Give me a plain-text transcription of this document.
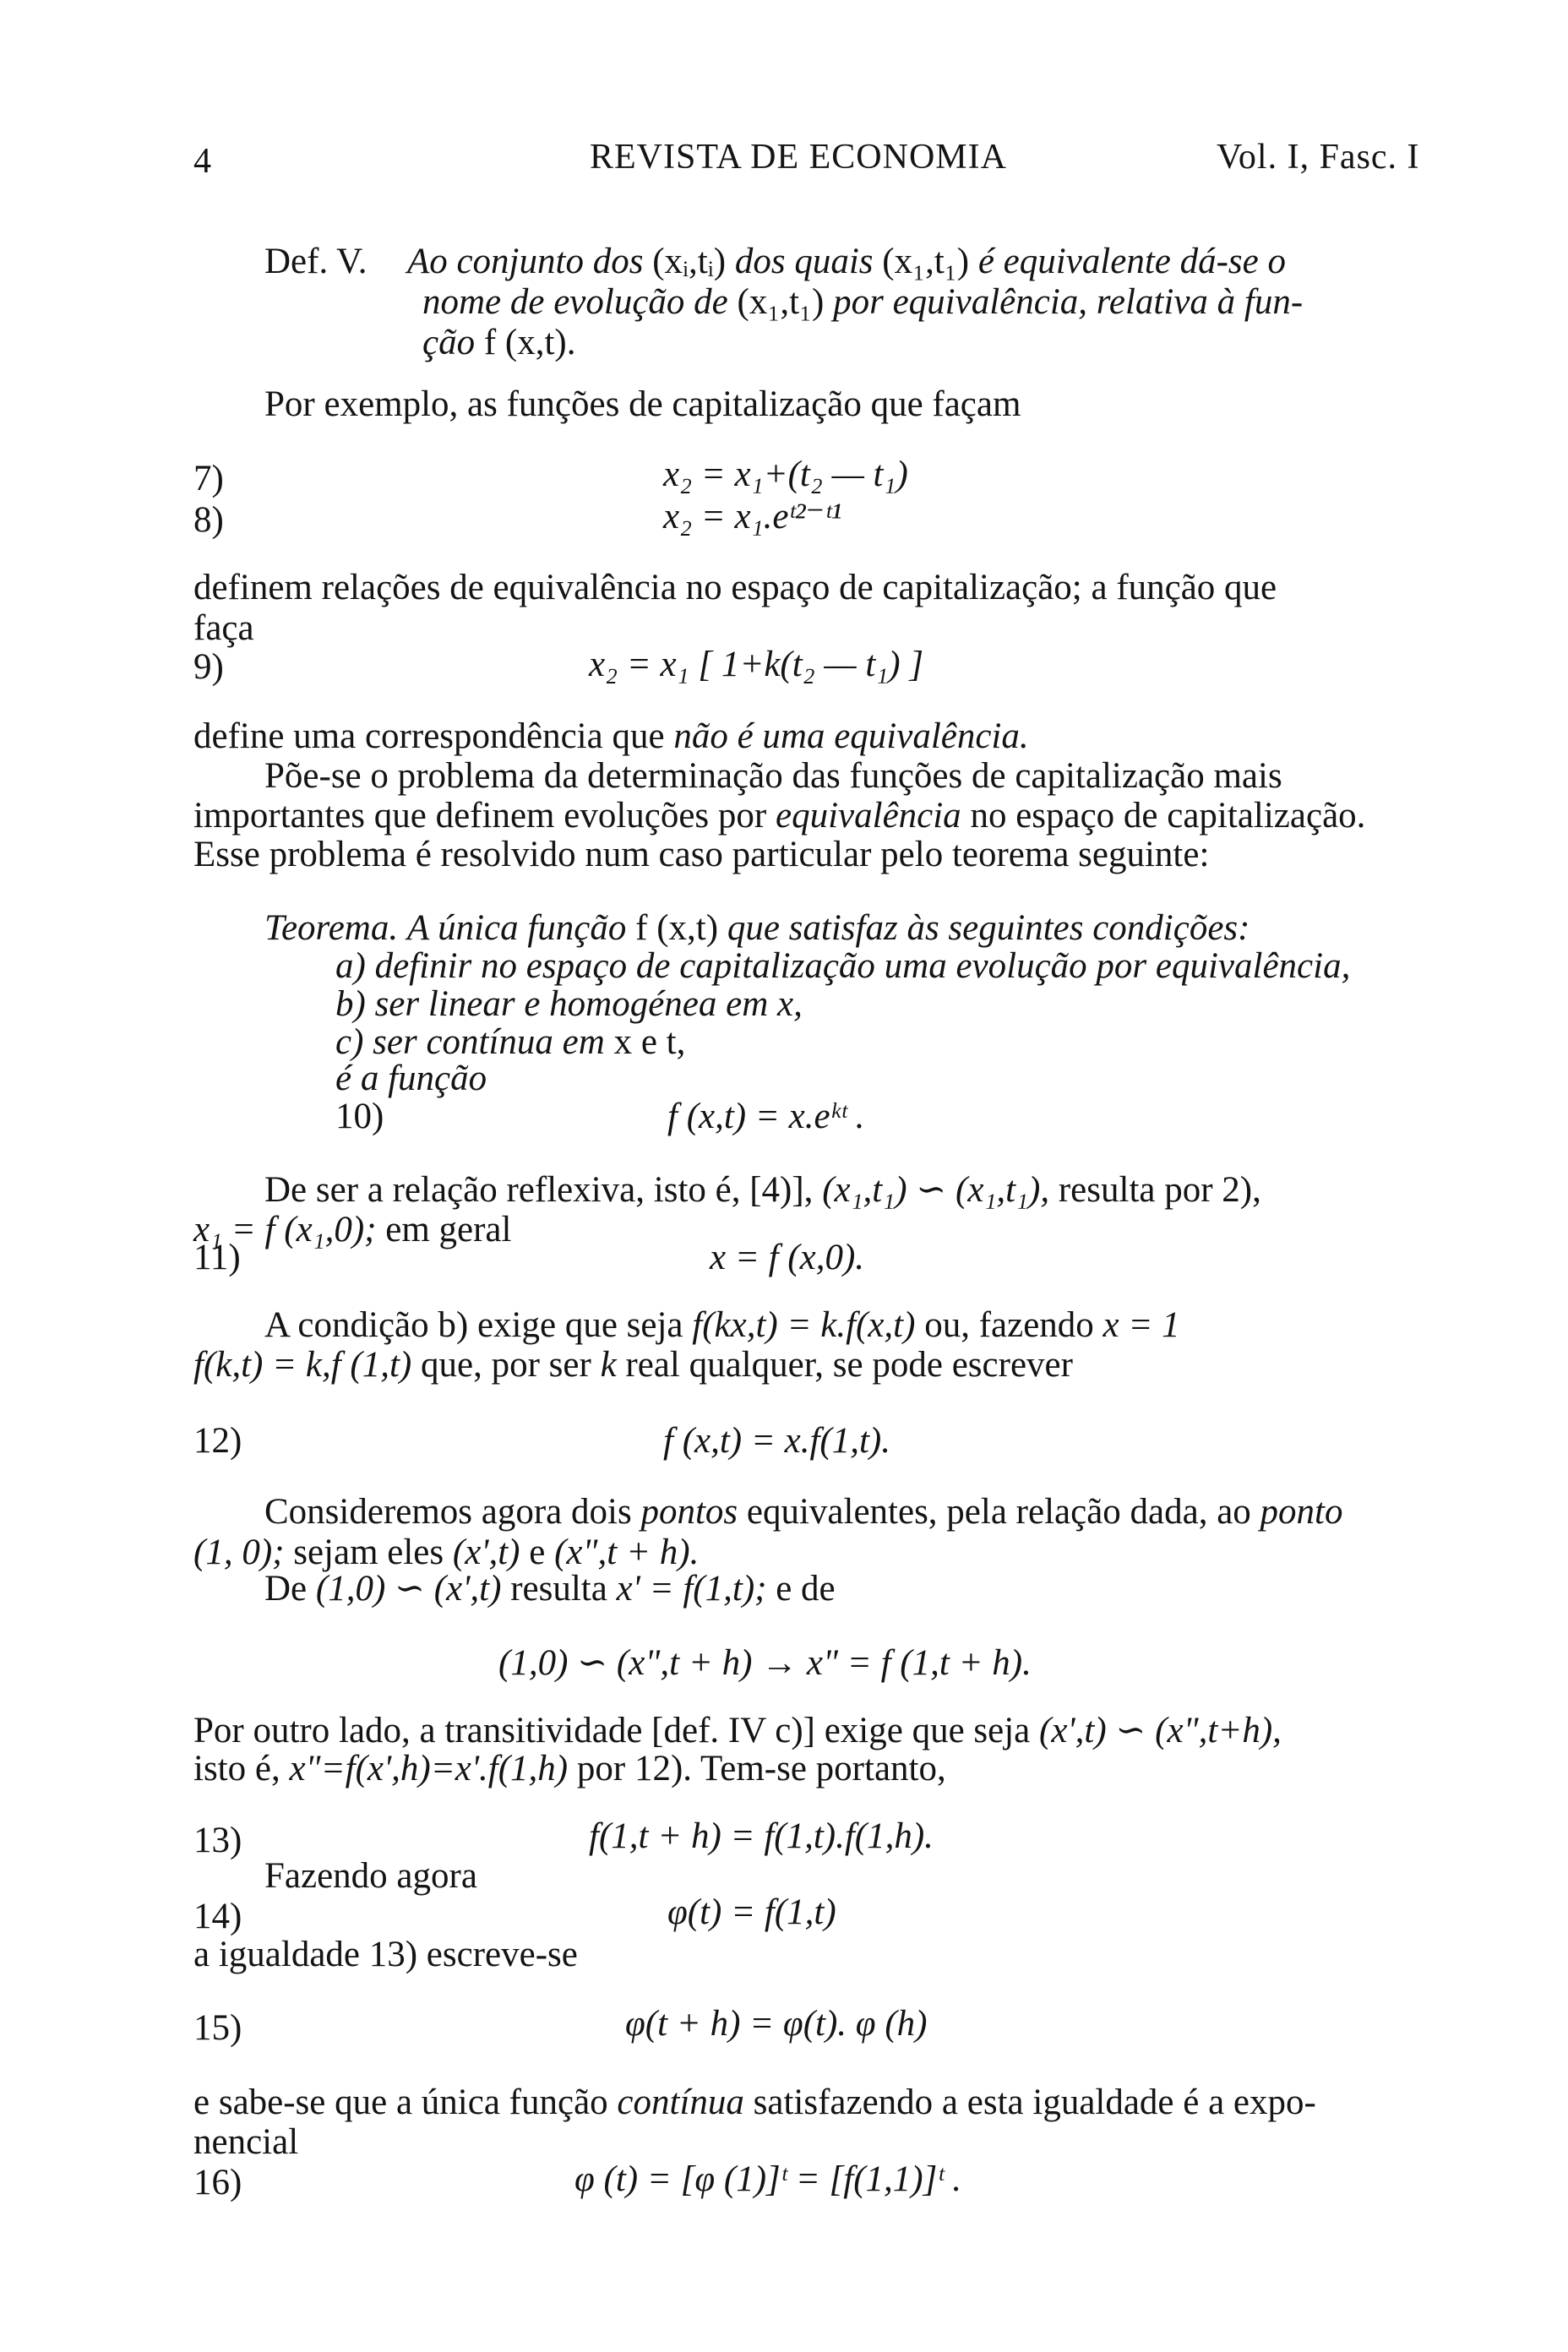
4	REVISTA DE ECONOMIA	Vol. I, Fasc. I
Def. V. Ao conjunto dos (xᵢ,tᵢ) dos quais (x₁,t₁) é equivalente dá-se o
nome de evolução de (x₁,t₁) por equivalência, relativa à fun-
ção f (x,t).
Por exemplo, as funções de capitalização que façam
7)	x₂ = x₁+(t₂ — t₁)
8)	x₂ = x₁.eᵗ²⁻ᵗ¹
definem relações de equivalência no espaço de capitalização; a função que
faça
9)	x₂ = x₁ [ 1+k(t₂ — t₁) ]
define uma correspondência que não é uma equivalência.
Põe-se o problema da determinação das funções de capitalização mais
importantes que definem evoluções por equivalência no espaço de capitalização.
Esse problema é resolvido num caso particular pelo teorema seguinte:
Teorema. A única função f (x,t) que satisfaz às seguintes condições:
a) definir no espaço de capitalização uma evolução por equivalência,
b) ser linear e homogénea em x,
c) ser contínua em x e t,
é a função
10)	f (x,t) = x.eᵏᵗ .
De ser a relação reflexiva, isto é, [4)], (x₁,t₁) ∽ (x₁,t₁), resulta por 2),
x₁ = f (x₁,0); em geral
11)	x = f (x,0).
A condição b) exige que seja f(kx,t) = k.f(x,t) ou, fazendo x = 1
f(k,t) = k,f (1,t) que, por ser k real qualquer, se pode escrever
12)	f (x,t) = x.f(1,t).
Consideremos agora dois pontos equivalentes, pela relação dada, ao ponto
(1, 0); sejam eles (x',t) e (x",t + h).
De (1,0) ∽ (x',t) resulta x' = f(1,t); e de
(1,0) ∽ (x",t + h) → x" = f (1,t + h).
Por outro lado, a transitividade [def. IV c)] exige que seja (x',t) ∽ (x",t+h),
isto é, x"=f(x',h)=x'.f(1,h) por 12). Tem-se portanto,
13)	f(1,t + h) = f(1,t).f(1,h).
Fazendo agora
14)	φ(t) = f(1,t)
a igualdade 13) escreve-se
15)	φ(t + h) = φ(t). φ (h)
e sabe-se que a única função contínua satisfazendo a esta igualdade é a expo-
nencial
16)	φ (t) = [φ (1)]ᵗ = [f(1,1)]ᵗ .
